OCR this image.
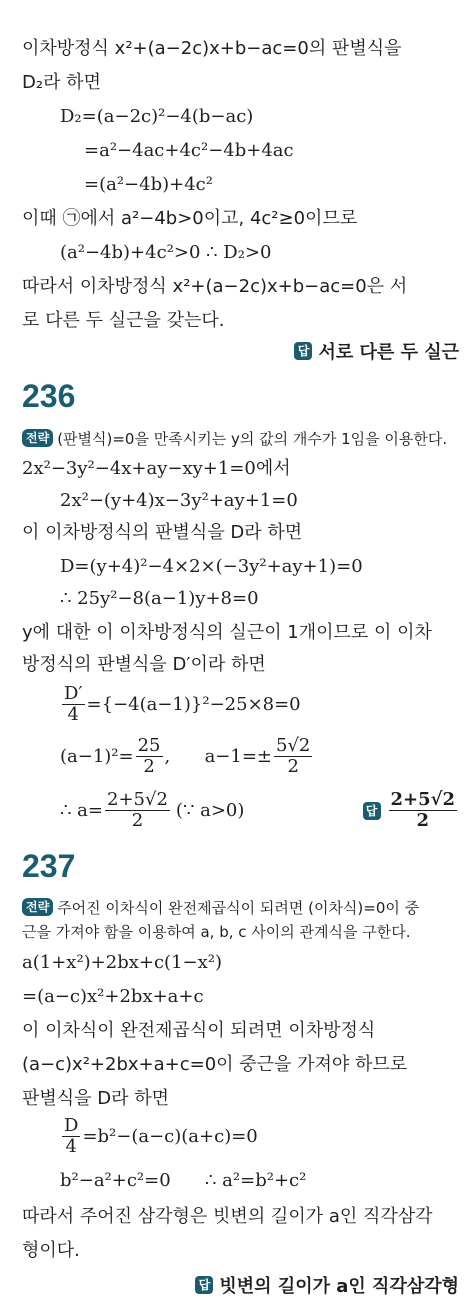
이차방정식 x²+(a−2c)x+b−ac=0의 판별식을
D₂라 하면
D₂=(a−2c)²−4(b−ac)
=a²−4ac+4c²−4b+4ac
=(a²−4b)+4c²
이때 ㉠에서 a²−4b>0이고, 4c²≥0이므로
(a²−4b)+4c²>0 ∴ D₂>0
따라서 이차방정식 x²+(a−2c)x+b−ac=0은 서
로 다른 두 실근을 갖는다.
답 서로 다른 두 실근
236
전략 (판별식)=0을 만족시키는 y의 값의 개수가 1임을 이용한다.
2x²−3y²−4x+ay−xy+1=0에서
2x²−(y+4)x−3y²+ay+1=0
이 이차방정식의 판별식을 D라 하면
D=(y+4)²−4×2×(−3y²+ay+1)=0
∴ 25y²−8(a−1)y+8=0
y에 대한 이 이차방정식의 실근이 1개이므로 이 이차
방정식의 판별식을 D′이라 하면
$\frac{D'}{4} =\{-4(a-1)\}^2-25\times 8=0$
$(a-1)^2= \frac{25}{2}$ ,      $a-1=\pm \frac{5√2}{2}$
∴ $a= \frac{2+5√2}{2}$ (∵ a>0)	답 $\frac{2+5√2}{2}$
237
전략 주어진 이차식이 완전제곱식이 되려면 (이차식)=0이 중
근을 가져야 함을 이용하여 a, b, c 사이의 관계식을 구한다.
a(1+x²)+2bx+c(1−x²)
=(a−c)x²+2bx+a+c
이 이차식이 완전제곱식이 되려면 이차방정식
(a−c)x²+2bx+a+c=0이 중근을 가져야 하므로
판별식을 D라 하면
$\frac{D}{4} =b^2-(a-c)(a+c)=0$
b²−a²+c²=0      ∴ a²=b²+c²
따라서 주어진 삼각형은 빗변의 길이가 a인 직각삼각
형이다.
답 빗변의 길이가 a인 직각삼각형
